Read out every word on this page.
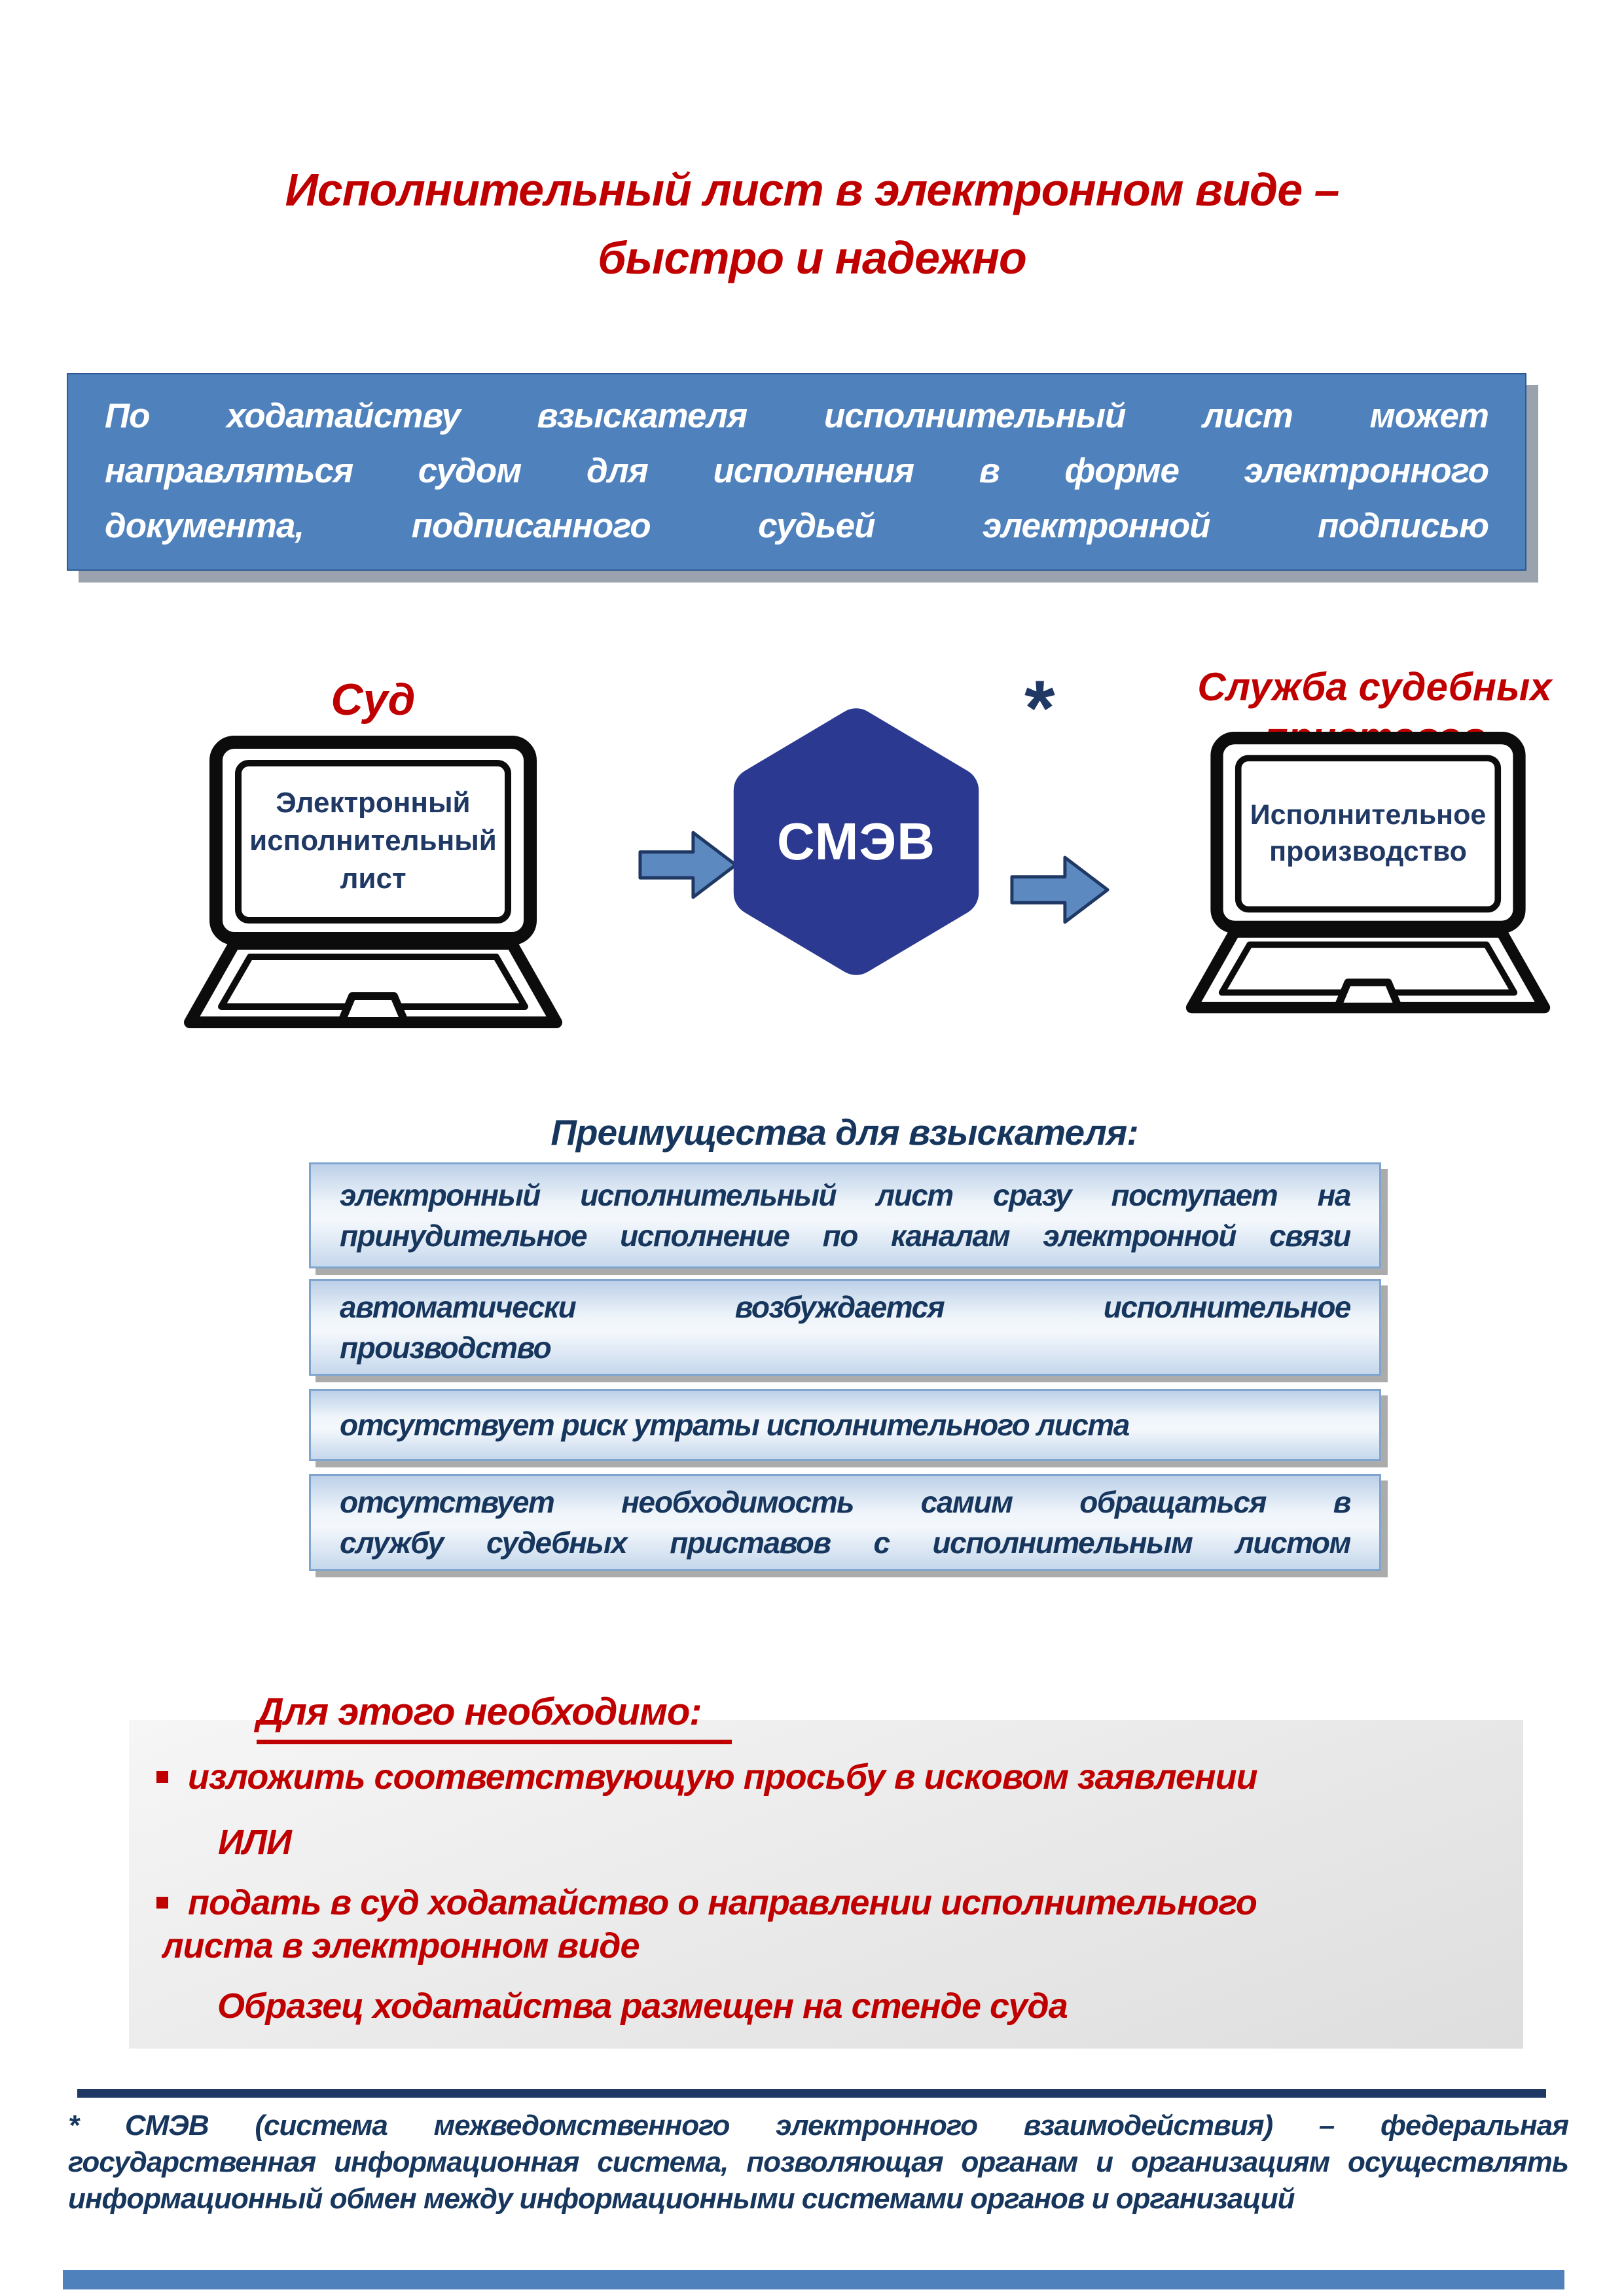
Исполнительный лист в электронном виде –
быстро и надежно
По ходатайству взыскателя исполнительный лист может
направляться судом для исполнения в форме электронного
документа, подписанного судьей электронной подписью
Суд
Электронный исполнительный лист
СМЭВ
*	Служба судебных
Исполнительное производство
Преимущества для взыскателя:
электронный исполнительный лист сразу поступает на
принудительное исполнение по каналам электронной связи
автоматически возбуждается исполнительное
производство
отсутствует риск утраты исполнительного листа
отсутствует необходимость самим обращаться в
службу судебных приставов с исполнительным листом
Для этого необходимо:
изложить соответствующую просьбу в исковом заявлении
ИЛИ
подать в суд ходатайство о направлении исполнительного
листа в электронном виде
Образец ходатайства размещен на стенде суда
* СМЭВ (система межведомственного электронного взаимодействия) – федеральная
государственная информационная система, позволяющая органам и организациям осуществлять
информационный обмен между информационными системами органов и организаций
